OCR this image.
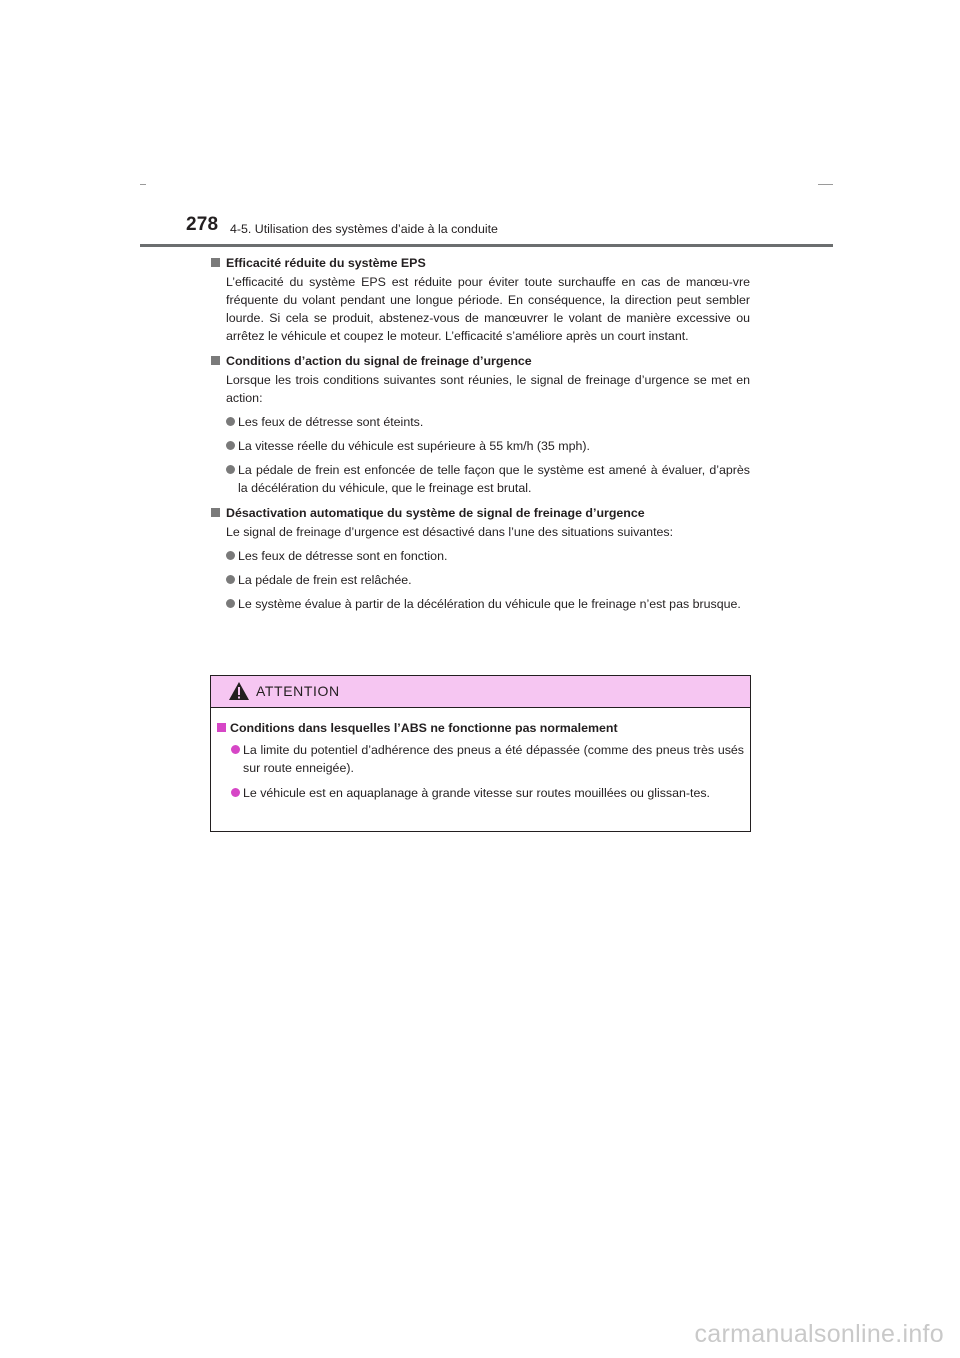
278 4-5. Utilisation des systèmes d’aide à la conduite
Efficacité réduite du système EPS

L’efficacité du système EPS est réduite pour éviter toute surchauffe en cas de manœu-vre fréquente du volant pendant une longue période. En conséquence, la direction peut sembler lourde. Si cela se produit, abstenez-vous de manœuvrer le volant de manière excessive ou arrêtez le véhicule et coupez le moteur. L’efficacité s’améliore après un court instant.

Conditions d’action du signal de freinage d’urgence

Lorsque les trois conditions suivantes sont réunies, le signal de freinage d’urgence se met en action:

Les feux de détresse sont éteints.
La vitesse réelle du véhicule est supérieure à 55 km/h (35 mph).
La pédale de frein est enfoncée de telle façon que le système est amené à évaluer, d’après la décélération du véhicule, que le freinage est brutal.
Désactivation automatique du système de signal de freinage d’urgence

Le signal de freinage d’urgence est désactivé dans l’une des situations suivantes:

Les feux de détresse sont en fonction.
La pédale de frein est relâchée.
Le système évalue à partir de la décélération du véhicule que le freinage n’est pas brusque.
ATTENTION
Conditions dans lesquelles l’ABS ne fonctionne pas normalement
La limite du potentiel d’adhérence des pneus a été dépassée (comme des pneus très usés sur route enneigée).
Le véhicule est en aquaplanage à grande vitesse sur routes mouillées ou glissan-tes.
carmanualsonline.info
